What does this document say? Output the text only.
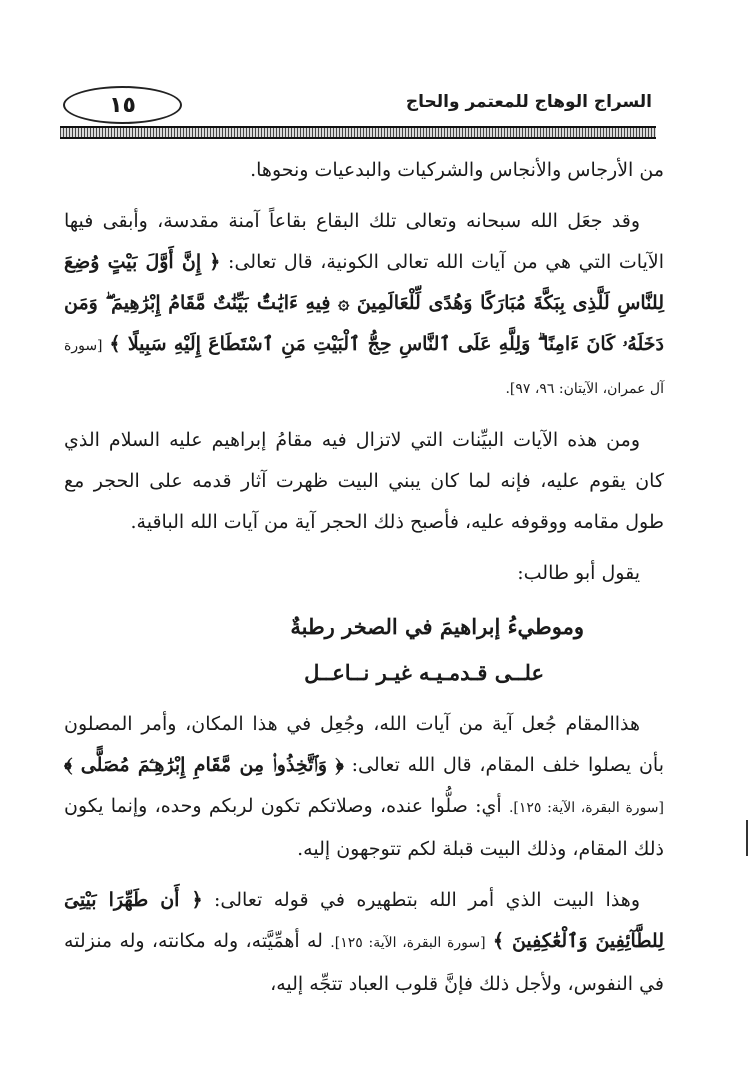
١٥	السراج الوهاج للمعتمر والحاج

من الأرجاس والأنجاس والشركيات والبدعيات ونحوها.

وقد جعَل الله سبحانه وتعالى تلك البقاع بقاعاً آمنة مقدسة، وأبقى فيها الآيات التي هي من آيات الله تعالى الكونية، قال تعالى: ﴿ إِنَّ أَوَّلَ بَيْتٍ وُضِعَ لِلنَّاسِ لَلَّذِى بِبَكَّةَ مُبَارَكًا وَهُدًى لِّلْعَالَمِينَ ۞ فِيهِ ءَايَٰتٌۢ بَيِّنَٰتٌ مَّقَامُ إِبْرَٰهِيمَ ۖ وَمَن دَخَلَهُۥ كَانَ ءَامِنًا ۗ وَلِلَّهِ عَلَى ٱلنَّاسِ حِجُّ ٱلْبَيْتِ مَنِ ٱسْتَطَاعَ إِلَيْهِ سَبِيلًا ﴾ [سورة آل عمران، الآيتان: ٩٦، ٩٧].

ومن هذه الآيات البيِّنات التي لاتزال فيه مقامُ إبراهيم عليه السلام الذي كان يقوم عليه، فإنه لما كان يبني البيت ظهرت آثار قدمه على الحجر مع طول مقامه ووقوفه عليه، فأصبح ذلك الحجر آية من آيات الله الباقية.

يقول أبو طالب:

وموطيءُ إبراهيمَ في الصخر رطبةٌ
علــى قـدمـيـه غيـر نــاعــل

هذاالمقام جُعل آية من آيات الله، وجُعِل في هذا المكان، وأمر المصلون بأن يصلوا خلف المقام، قال الله تعالى: ﴿ وَٱتَّخِذُوا۟ مِن مَّقَامِ إِبْرَٰهِـۧمَ مُصَلًّى ﴾ [سورة البقرة، الآية: ١٢٥]. أي: صلُّوا عنده، وصلاتكم تكون لربكم وحده، وإنما يكون ذلك المقام، وذلك البيت قبلة لكم تتوجهون إليه.

وهذا البيت الذي أمر الله بتطهيره في قوله تعالى: ﴿ أَن طَهِّرَا بَيْتِىَ لِلطَّآئِفِينَ وَٱلْعَٰكِفِينَ ﴾ [سورة البقرة، الآية: ١٢٥]. له أهمِّيَّته، وله مكانته، وله منزلته في النفوس، ولأجل ذلك فإنَّ قلوب العباد تتجِّه إليه،
